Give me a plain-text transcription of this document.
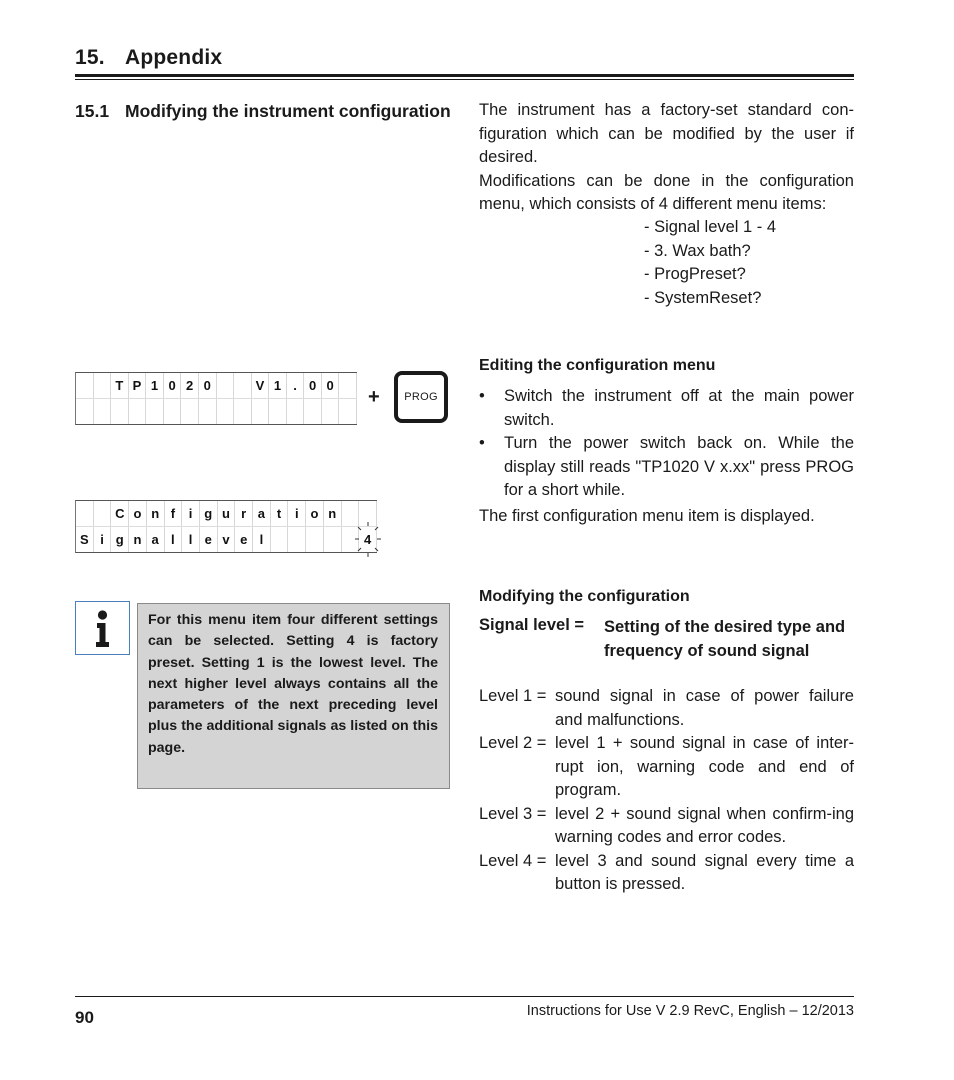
15. Appendix
15.1 Modifying the instrument configuration The instrument has a factory-set standard con-figuration which can be modified by the user if desired.
Modifications can be done in the configuration menu, which consists of 4 different menu items:
- Signal level 1 - 4
- 3. Wax bath?
- ProgPreset?
- SystemReset?
T P 1 0 2 0	V 1 . 0 0
+ PROG
C o n f	i g u r a t	i o n
S i g n a l	l e v e l	4
Editing the configuration menu
• Switch the instrument off at the main power switch.
• Turn the power switch back on. While the display still reads "TP1020 V x.xx" press PROG for a short while.
The first configuration menu item is displayed.
For this menu item four different settings can be selected. Setting 4 is factory preset. Setting 1 is the lowest level. The next higher level always contains all the parameters of the next preceding level plus the additional signals as listed on this page.
Modifying the configuration
Signal level = Setting of the desired type and frequency of sound signal
Level 1 = sound signal in case of power failure and malfunctions.
Level 2 = level 1 + sound signal in case of inter-rupt ion, warning code and end of program.
Level 3 = level 2 + sound signal when confirm-ing warning codes and error codes.
Level 4 = level 3 and sound signal every time a button is pressed.
90	Instructions for Use V 2.9 RevC, English – 12/2013
